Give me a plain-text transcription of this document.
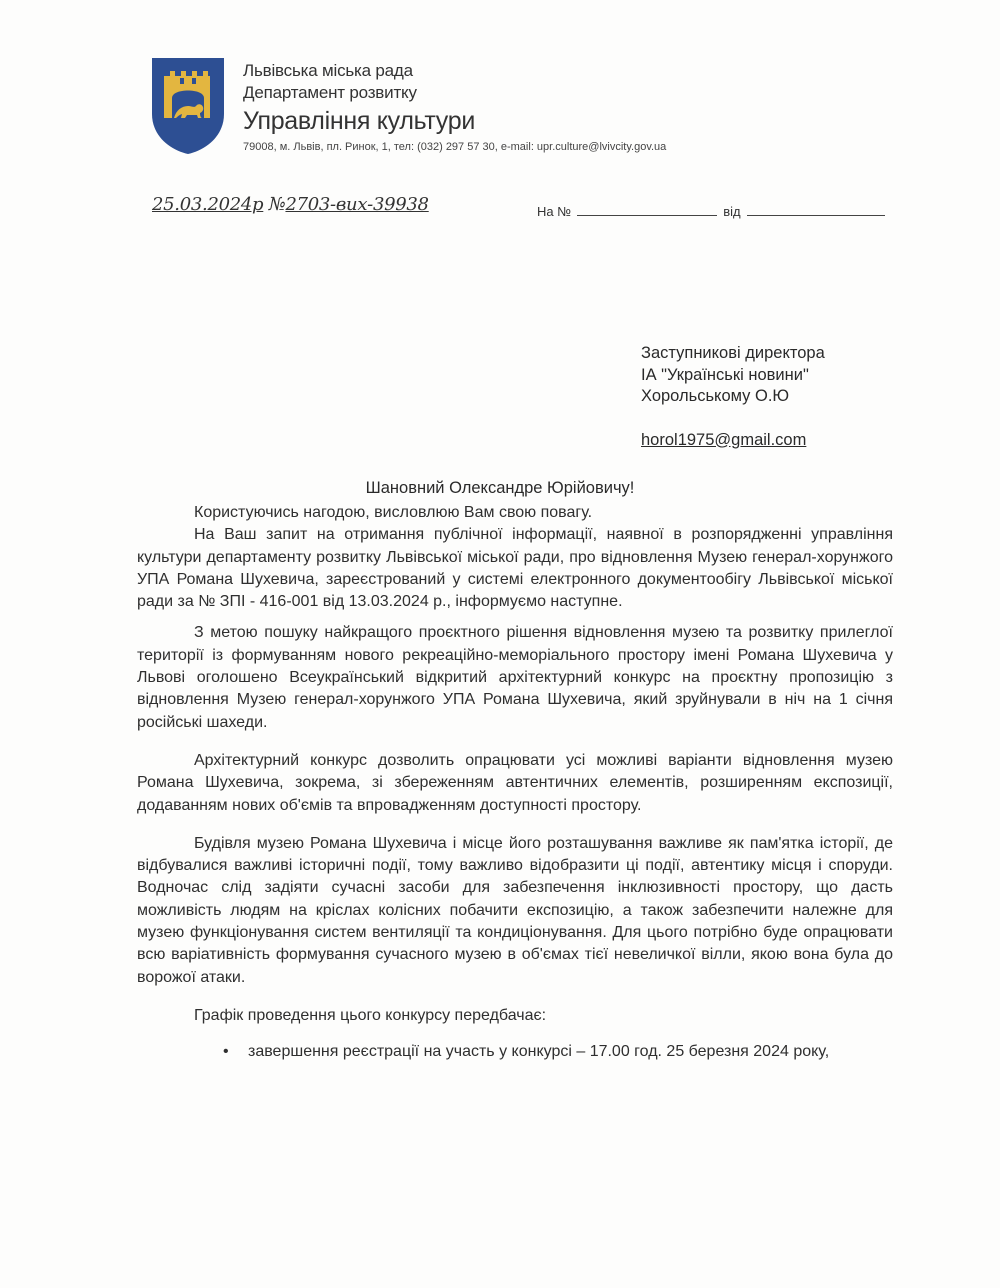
Львівська міська рада
Департамент розвитку
Управління культури
79008, м. Львів, пл. Ринок, 1, тел: (032) 297 57 30, e-mail: upr.culture@lvivcity.gov.ua
25.03.2024р №2703-вих-39938	На №	від
Заступникові директора
ІА "Українські новини"
Хорольському О.Ю
horol1975@gmail.com
Шановний Олександре Юрійовичу!

Користуючись нагодою, висловлюю Вам свою повагу.

На Ваш запит на отримання публічної інформації, наявної в розпорядженні управління культури департаменту розвитку Львівської міської ради, про відновлення Музею генерал-хорунжого УПА Романа Шухевича, зареєстрований у системі електронного документообігу Львівської міської ради за № ЗПІ - 416-001 від 13.03.2024 р., інформуємо наступне.

З метою пошуку найкращого проєктного рішення відновлення музею та розвитку прилеглої території із формуванням нового рекреаційно-меморіального простору імені Романа Шухевича у Львові оголошено Всеукраїнський відкритий архітектурний конкурс на проєктну пропозицію з відновлення Музею генерал-хорунжого УПА Романа Шухевича, який зруйнували в ніч на 1 січня російські шахеди.

Архітектурний конкурс дозволить опрацювати усі можливі варіанти відновлення музею Романа Шухевича, зокрема, зі збереженням автентичних елементів, розширенням експозиції, додаванням нових об'ємів та впровадженням доступності простору.

Будівля музею Романа Шухевича і місце його розташування важливе як пам'ятка історії, де відбувалися важливі історичні події, тому важливо відобразити ці події, автентику місця і споруди. Водночас слід задіяти сучасні засоби для забезпечення інклюзивності простору, що дасть можливість людям на кріслах колісних побачити експозицію, а також забезпечити належне для музею функціонування систем вентиляції та кондиціонування. Для цього потрібно буде опрацювати всю варіативність формування сучасного музею в об'ємах тієї невеличкої вілли, якою вона була до ворожої атаки.

Графік проведення цього конкурсу передбачає:

• завершення реєстрації на участь у конкурсі – 17.00 год. 25 березня 2024 року,
